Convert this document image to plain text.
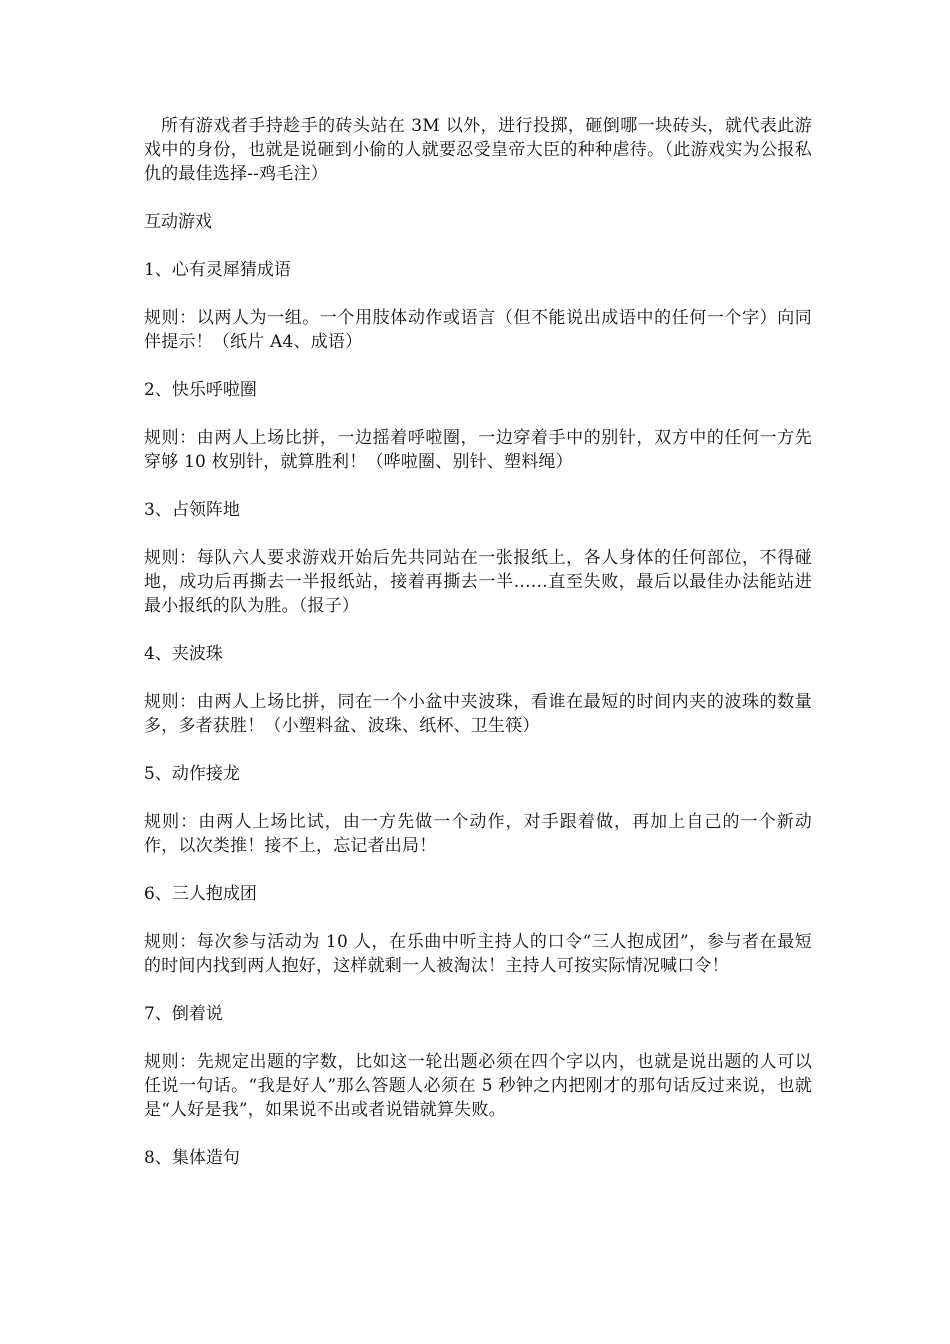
所有游戏者手持趁手的砖头站在 3M 以外，进行投掷，砸倒哪一块砖头，就代表此游戏中的身份，也就是说砸到小偷的人就要忍受皇帝大臣的种种虐待。（此游戏实为公报私仇的最佳选择--鸡毛注）

互动游戏

1、心有灵犀猜成语

规则：以两人为一组。一个用肢体动作或语言（但不能说出成语中的任何一个字）向同伴提示！（纸片 A4、成语）

2、快乐呼啦圈

规则：由两人上场比拼，一边摇着呼啦圈，一边穿着手中的别针，双方中的任何一方先穿够 10 枚别针，就算胜利！（哗啦圈、别针、塑料绳）

3、占领阵地

规则：每队六人要求游戏开始后先共同站在一张报纸上，各人身体的任何部位，不得碰地，成功后再撕去一半报纸站，接着再撕去一半……直至失败，最后以最佳办法能站进最小报纸的队为胜。（报子）

4、夹波珠

规则：由两人上场比拼，同在一个小盆中夹波珠，看谁在最短的时间内夹的波珠的数量多，多者获胜！（小塑料盆、波珠、纸杯、卫生筷）

5、动作接龙

规则：由两人上场比试，由一方先做一个动作，对手跟着做，再加上自己的一个新动作，以次类推！接不上，忘记者出局！

6、三人抱成团

规则：每次参与活动为 10 人，在乐曲中听主持人的口令“三人抱成团”，参与者在最短的时间内找到两人抱好，这样就剩一人被淘汰！主持人可按实际情况喊口令！

7、倒着说

规则：先规定出题的字数，比如这一轮出题必须在四个字以内，也就是说出题的人可以任说一句话。“我是好人”那么答题人必须在 5 秒钟之内把刚才的那句话反过来说，也就是“人好是我”，如果说不出或者说错就算失败。

8、集体造句
